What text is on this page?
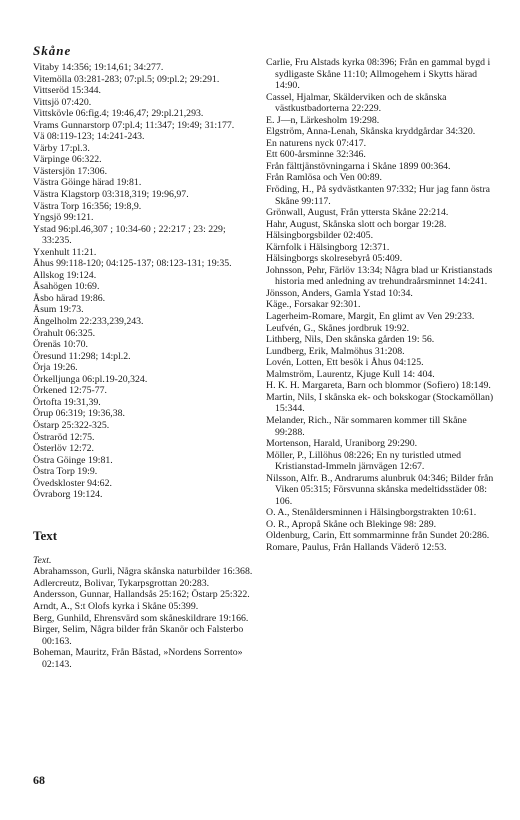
Skåne

Vitaby 14:356; 19:14,61; 34:277.

Vitemölla 03:281-283; 07:pl.5; 09:pl.2; 29:291.

Vittseröd 15:344.

Vittsjö 07:420.

Vittskövle 06:fig.4; 19:46,47; 29:pl.21,293.

Vrams Gunnarstorp 07:pl.4; 11:347; 19:49; 31:177.

Vä 08:119-123; 14:241-243.

Värby 17:pl.3.

Värpinge 06:322.

Västersjön 17:306.

Västra Göinge härad 19:81.

Västra Klagstorp 03:318,319; 19:96,97.

Västra Torp 16:356; 19:8,9.

Yngsjö 99:121.

Ystad 96:pl.46,307 ; 10:34-60 ; 22:217 ; 23: 229; 33:235.

Yxenhult 11:21.

Åhus 99:118-120; 04:125-137; 08:123-131; 19:35.

Allskog 19:124.

Åsahögen 10:69.

Åsbo härad 19:86.

Åsum 19:73.

Ängelholm 22:233,239,243.

Örahult 06:325.

Örenäs 10:70.

Öresund 11:298; 14:pl.2.

Örja 19:26.

Örkelljunga 06:pl.19-20,324.

Örkened 12:75-77.

Örtofta 19:31,39.

Örup 06:319; 19:36,38.

Östarp 25:322-325.

Östraröd 12:75.

Österlöv 12:72.

Östra Göinge 19:81.

Östra Torp 19:9.

Övedskloster 94:62.

Övraborg 19:124.

Text
Text.

Abrahamsson, Gurli, Några skånska naturbilder 16:368.

Adlercreutz, Bolivar, Tykarpsgrottan 20:283.

Andersson, Gunnar, Hallandsås 25:162; Östarp 25:322.

Arndt, A., S:t Olofs kyrka i Skåne 05:399.

Berg, Gunhild, Ehrensvärd som skåneskildrare 19:166.

Birger, Selim, Några bilder från Skanör och Falsterbo 00:163.

Boheman, Mauritz, Från Båstad, »Nordens Sorrento» 02:143.

Carlie, Fru Alstads kyrka 08:396; Från en gammal bygd i sydligaste Skåne 11:10; Allmogehem i Skytts härad 14:90.

Cassel, Hjalmar, Skälderviken och de skånska västkustbadorterna 22:229.

E. J—n, Lärkesholm 19:298.

Elgström, Anna-Lenah, Skånska kryddgårdar 34:320.

En naturens nyck 07:417.

Ett 600-årsminne 32:346.

Från fälttjänstövningarna i Skåne 1899 00:364.

Från Ramlösa och Ven 00:89.

Fröding, H., På sydvästkanten 97:332; Hur jag fann östra Skåne 99:117.

Grönwall, August, Från yttersta Skåne 22:214.

Hahr, August, Skånska slott och borgar 19:28.

Hälsingborgsbilder 02:405.

Kärnfolk i Hälsingborg 12:371.

Hälsingborgs skolresebyrå 05:409.

Johnsson, Pehr, Färlöv 13:34; Några blad ur Kristianstads historia med anledning av trehundraårsminnet 14:241.

Jönsson, Anders, Gamla Ystad 10:34.

Käge., Forsakar 92:301.

Lagerheim-Romare, Margit, En glimt av Ven 29:233.

Leufvén, G., Skånes jordbruk 19:92.

Lithberg, Nils, Den skånska gården 19: 56.

Lundberg, Erik, Malmöhus 31:208.

Lovén, Lotten, Ett besök i Åhus 04:125.

Malmström, Laurentz, Kjuge Kull 14: 404.

H. K. H. Margareta, Barn och blommor (Sofiero) 18:149.

Martin, Nils, I skånska ek- och bokskogar (Stockamöllan) 15:344.

Melander, Rich., När sommaren kommer till Skåne 99:288.

Mortenson, Harald, Uraniborg 29:290.

Möller, P., Lillöhus 08:226; En ny turistled utmed Kristianstad-Immeln järnvägen 12:67.

Nilsson, Alfr. B., Andrarums alunbruk 04:346; Bilder från Viken 05:315; Försvunna skånska medeltidsstäder 08: 106.

O. A., Stenåldersminnen i Hälsingborgstrakten 10:61.

O. R., Apropå Skåne och Blekinge 98: 289.

Oldenburg, Carin, Ett sommarminne från Sundet 20:286.

Romare, Paulus, Från Hallands Väderö 12:53.

68
